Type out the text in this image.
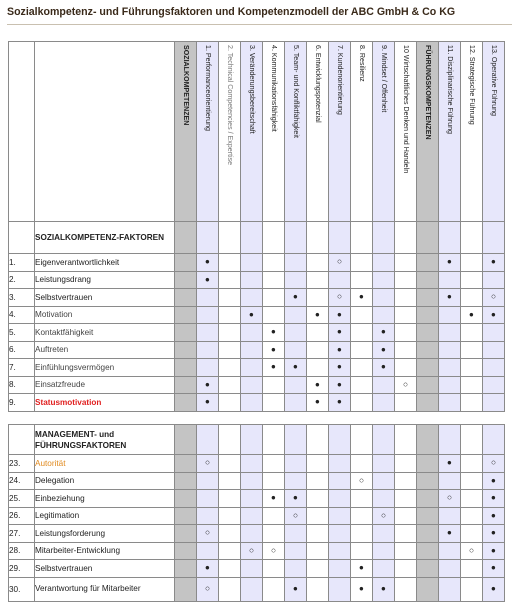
Sozialkompetenz- und Führungsfaktoren und Kompetenzmodell der ABC GmbH & Co KG

		SOZIALKOMPETENZEN	1. Performanceorientierung	2. Technical Competencies / Expertise	3. Veränderungsbereitschaft	4. Kommunikationsfähigkeit	5. Team- und Konfliktfähigkeit	6. Entwicklungspotenzial	7. Kundenorientierung	8. Resilienz	9. Mindset / Offenheit	10 Wirtschaftliches Denken und Handeln	FÜHRUNGSKOMPETENZEN	11. Disziplinarische Führung	12. Strategische Führung	13. Operative Führung

	SOZIALKOMPETENZ-FAKTOREN															
1.	Eigenverantwortlichkeit		●						○					●		●
2.	Leistungsdrang		●													
3.	Selbstvertrauen						●		○	●				●		○
4.	Motivation				●			●	●						●	●
5.	Kontaktfähigkeit					●			●		●					
6.	Auftreten					●			●		●					
7.	Einfühlungsvermögen					●	●		●		●					
8.	Einsatzfreude		●					●	●			○				
9.	Statusmotivation		●					●	●							
	MANAGEMENT- und FÜHRUNGSFAKTOREN															
23.	Autorität		○											●		○
24.	Delegation									○						●
25.	Einbeziehung					●	●							○		●
26.	Legitimation						○				○					●
27.	Leistungsforderung		○											●		●
28.	Mitarbeiter-Entwicklung				○	○									○	●
29.	Selbstvertrauen		●							●						●
30.	Verantwortung für Mitarbeiter		○				●			●	●					●
